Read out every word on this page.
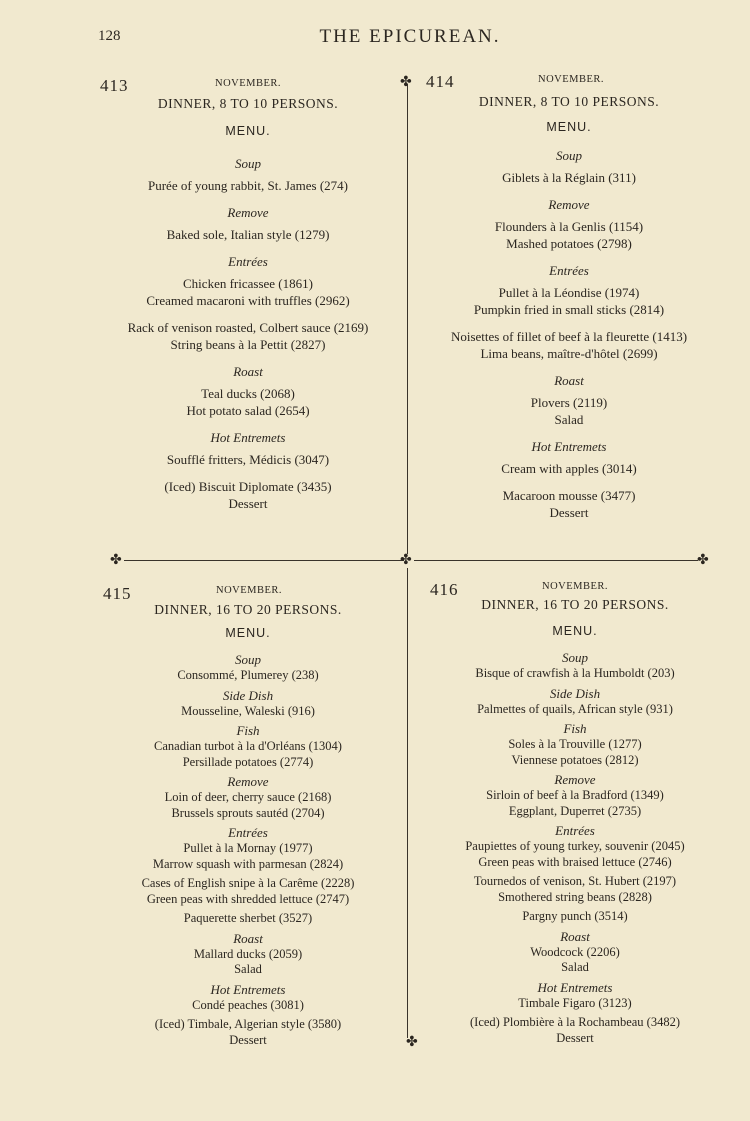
128	THE EPICUREAN.
✤
✤	✤	✤
✤
413	NOVEMBER.

DINNER, 8 TO 10 PERSONS.

MENU.

Soup

Purée of young rabbit, St. James (274)

Remove

Baked sole, Italian style (1279)

Entrées

Chicken fricassee (1861)

Creamed macaroni with truffles (2962)

Rack of venison roasted, Colbert sauce (2169)

String beans à la Pettit (2827)

Roast

Teal ducks (2068)

Hot potato salad (2654)

Hot Entremets

Soufflé fritters, Médicis (3047)

(Iced) Biscuit Diplomate (3435)

Dessert

414	NOVEMBER.

DINNER, 8 TO 10 PERSONS.

MENU.

Soup

Giblets à la Réglain (311)

Remove

Flounders à la Genlis (1154)

Mashed potatoes (2798)

Entrées

Pullet à la Léondise (1974)

Pumpkin fried in small sticks (2814)

Noisettes of fillet of beef à la fleurette (1413)

Lima beans, maître-d'hôtel (2699)

Roast

Plovers (2119)

Salad

Hot Entremets

Cream with apples (3014)

Macaroon mousse (3477)

Dessert

415	NOVEMBER.

DINNER, 16 TO 20 PERSONS.

MENU.

Soup

Consommé, Plumerey (238)

Side Dish

Mousseline, Waleski (916)

Fish

Canadian turbot à la d'Orléans (1304)

Persillade potatoes (2774)

Remove

Loin of deer, cherry sauce (2168)

Brussels sprouts sautéd (2704)

Entrées

Pullet à la Mornay (1977)

Marrow squash with parmesan (2824)

Cases of English snipe à la Carême (2228)

Green peas with shredded lettuce (2747)

Paquerette sherbet (3527)

Roast

Mallard ducks (2059)

Salad

Hot Entremets

Condé peaches (3081)

(Iced) Timbale, Algerian style (3580)

Dessert

416	NOVEMBER.

DINNER, 16 TO 20 PERSONS.

MENU.

Soup

Bisque of crawfish à la Humboldt (203)

Side Dish

Palmettes of quails, African style (931)

Fish

Soles à la Trouville (1277)

Viennese potatoes (2812)

Remove

Sirloin of beef à la Bradford (1349)

Eggplant, Duperret (2735)

Entrées

Paupiettes of young turkey, souvenir (2045)

Green peas with braised lettuce (2746)

Tournedos of venison, St. Hubert (2197)

Smothered string beans (2828)

Pargny punch (3514)

Roast

Woodcock (2206)

Salad

Hot Entremets

Timbale Figaro (3123)

(Iced) Plombière à la Rochambeau (3482)

Dessert
